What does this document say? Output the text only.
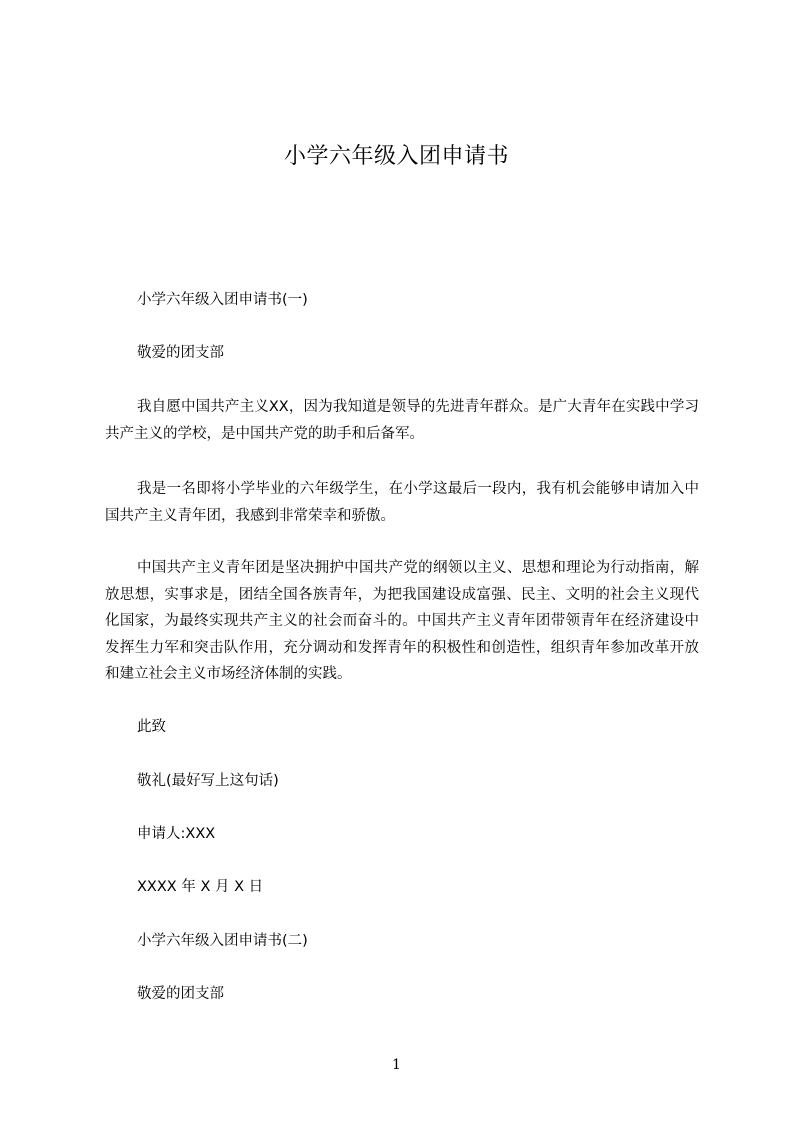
小学六年级入团申请书
小学六年级入团申请书(一)
敬爱的团支部
我自愿中国共产主义XX，因为我知道是领导的先进青年群众。是广大青年在实践中学习共产主义的学校，是中国共产党的助手和后备军。
我是一名即将小学毕业的六年级学生，在小学这最后一段内，我有机会能够申请加入中国共产主义青年团，我感到非常荣幸和骄傲。
中国共产主义青年团是坚决拥护中国共产党的纲领以主义、思想和理论为行动指南，解放思想，实事求是，团结全国各族青年，为把我国建设成富强、民主、文明的社会主义现代化国家，为最终实现共产主义的社会而奋斗的。中国共产主义青年团带领青年在经济建设中发挥生力军和突击队作用，充分调动和发挥青年的积极性和创造性，组织青年参加改革开放和建立社会主义市场经济体制的实践。
此致
敬礼(最好写上这句话)
申请人:XXX
XXXX 年 X 月 X 日
小学六年级入团申请书(二)
敬爱的团支部
1
